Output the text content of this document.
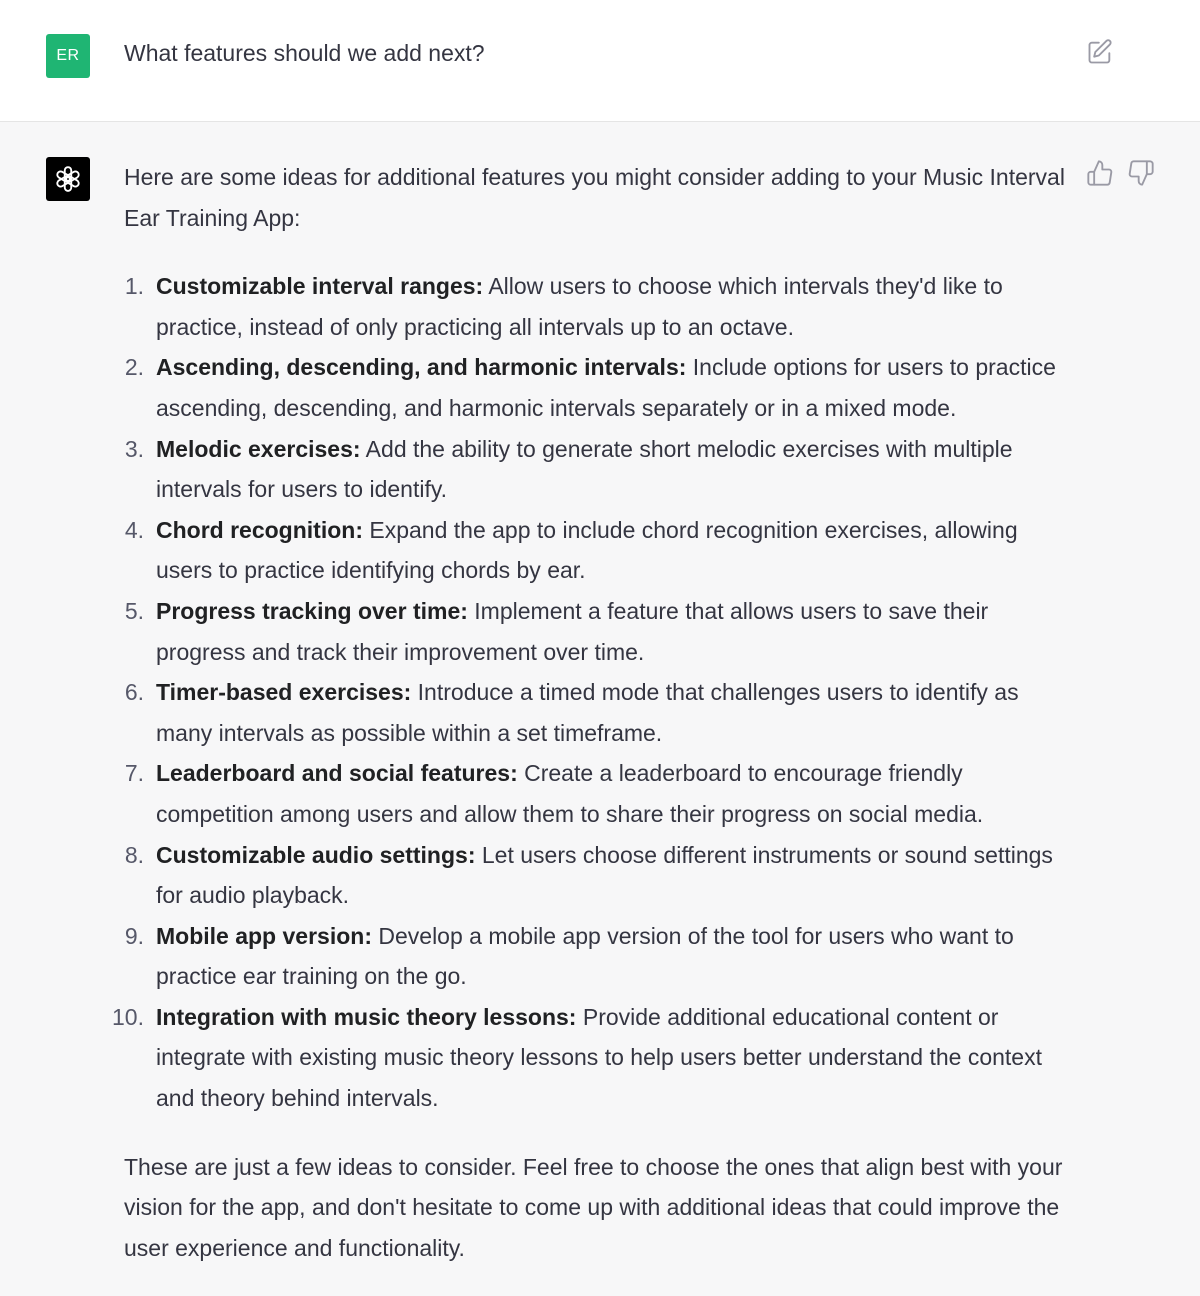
ER What features should we add next?

Here are some ideas for additional features you might consider adding to your Music Interval Ear Training App:

1. Customizable interval ranges: Allow users to choose which intervals they'd like to practice, instead of only practicing all intervals up to an octave.
2. Ascending, descending, and harmonic intervals: Include options for users to practice ascending, descending, and harmonic intervals separately or in a mixed mode.
3. Melodic exercises: Add the ability to generate short melodic exercises with multiple intervals for users to identify.
4. Chord recognition: Expand the app to include chord recognition exercises, allowing users to practice identifying chords by ear.
5. Progress tracking over time: Implement a feature that allows users to save their progress and track their improvement over time.
6. Timer-based exercises: Introduce a timed mode that challenges users to identify as many intervals as possible within a set timeframe.
7. Leaderboard and social features: Create a leaderboard to encourage friendly competition among users and allow them to share their progress on social media.
8. Customizable audio settings: Let users choose different instruments or sound settings for audio playback.
9. Mobile app version: Develop a mobile app version of the tool for users who want to practice ear training on the go.
10. Integration with music theory lessons: Provide additional educational content or integrate with existing music theory lessons to help users better understand the context and theory behind intervals.

These are just a few ideas to consider. Feel free to choose the ones that align best with your vision for the app, and don't hesitate to come up with additional ideas that could improve the user experience and functionality.
